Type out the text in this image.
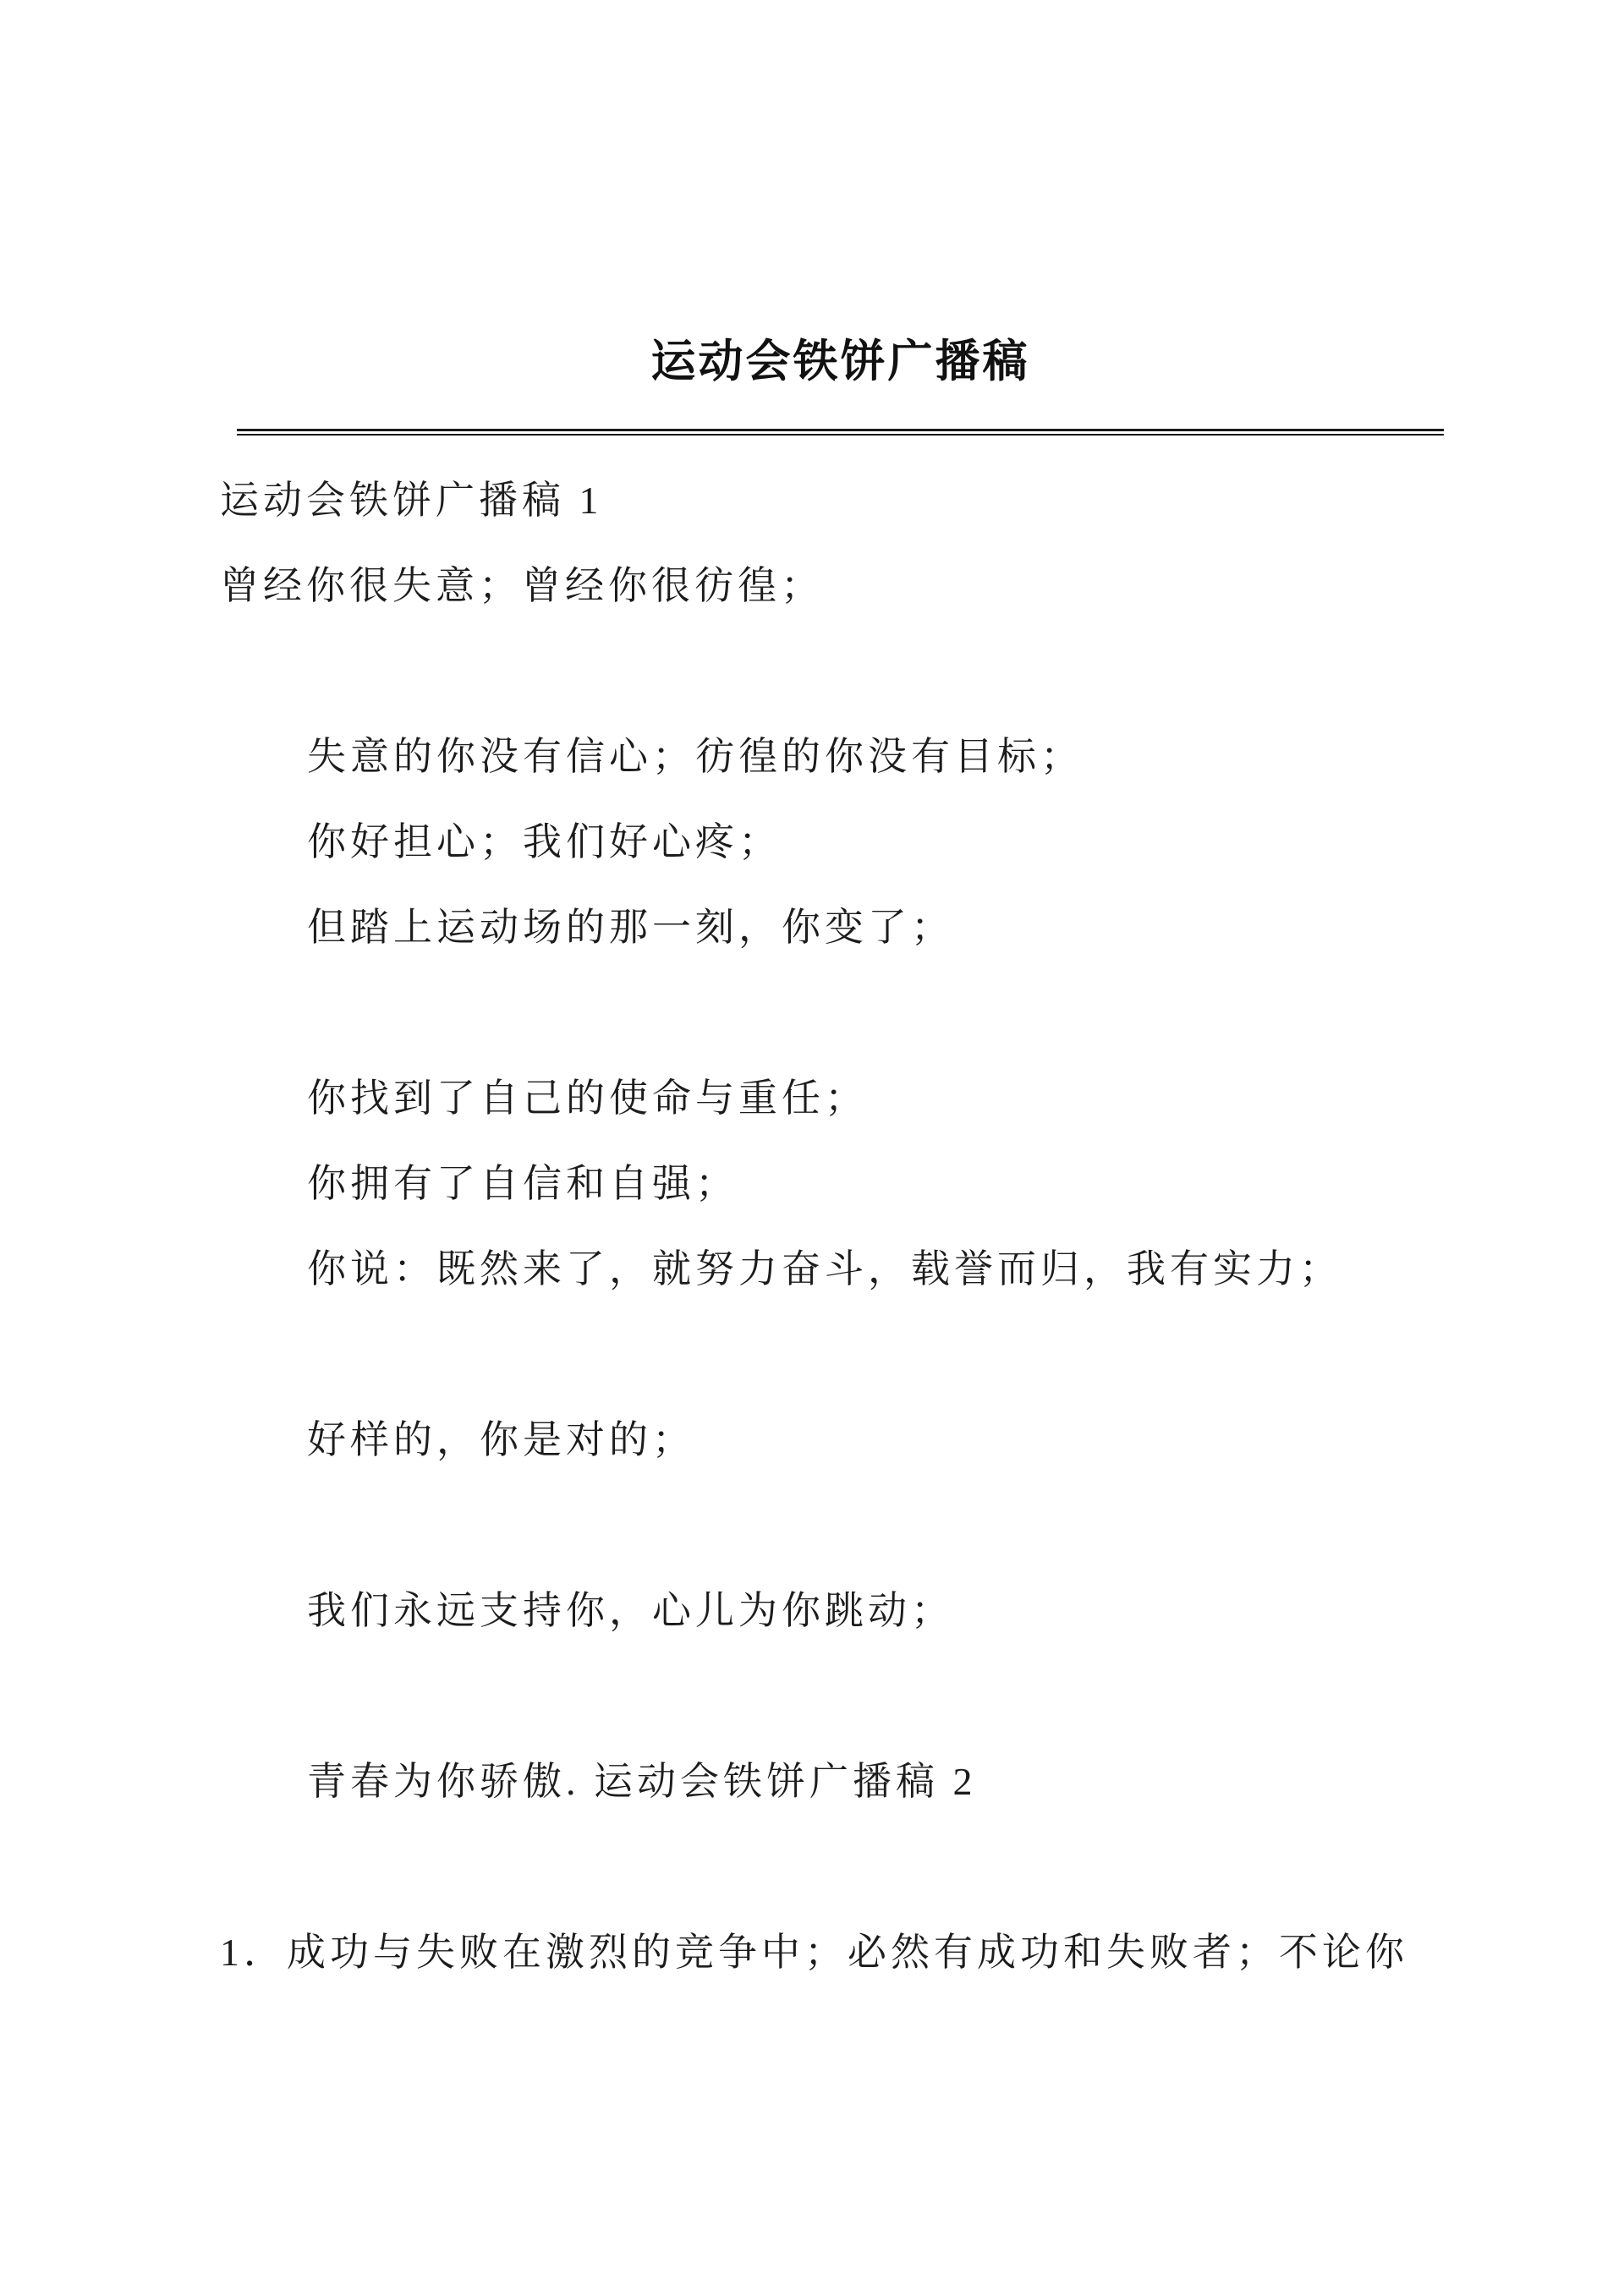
运动会铁饼广播稿
运动会铁饼广播稿 1
曾经你很失意；曾经你很彷徨；
失意的你没有信心；彷徨的你没有目标；
你好担心；我们好心疼；
但踏上运动场的那一刻，你变了；
你找到了自己的使命与重任；
你拥有了自信和自强；
你说：既然来了，就努力奋斗，载誉而归，我有实力；
好样的，你是对的；
我们永远支持你，心儿为你跳动；
青春为你骄傲. 运动会铁饼广播稿 2
1．成功与失败在激烈的竞争中；必然有成功和失败者；不论你
